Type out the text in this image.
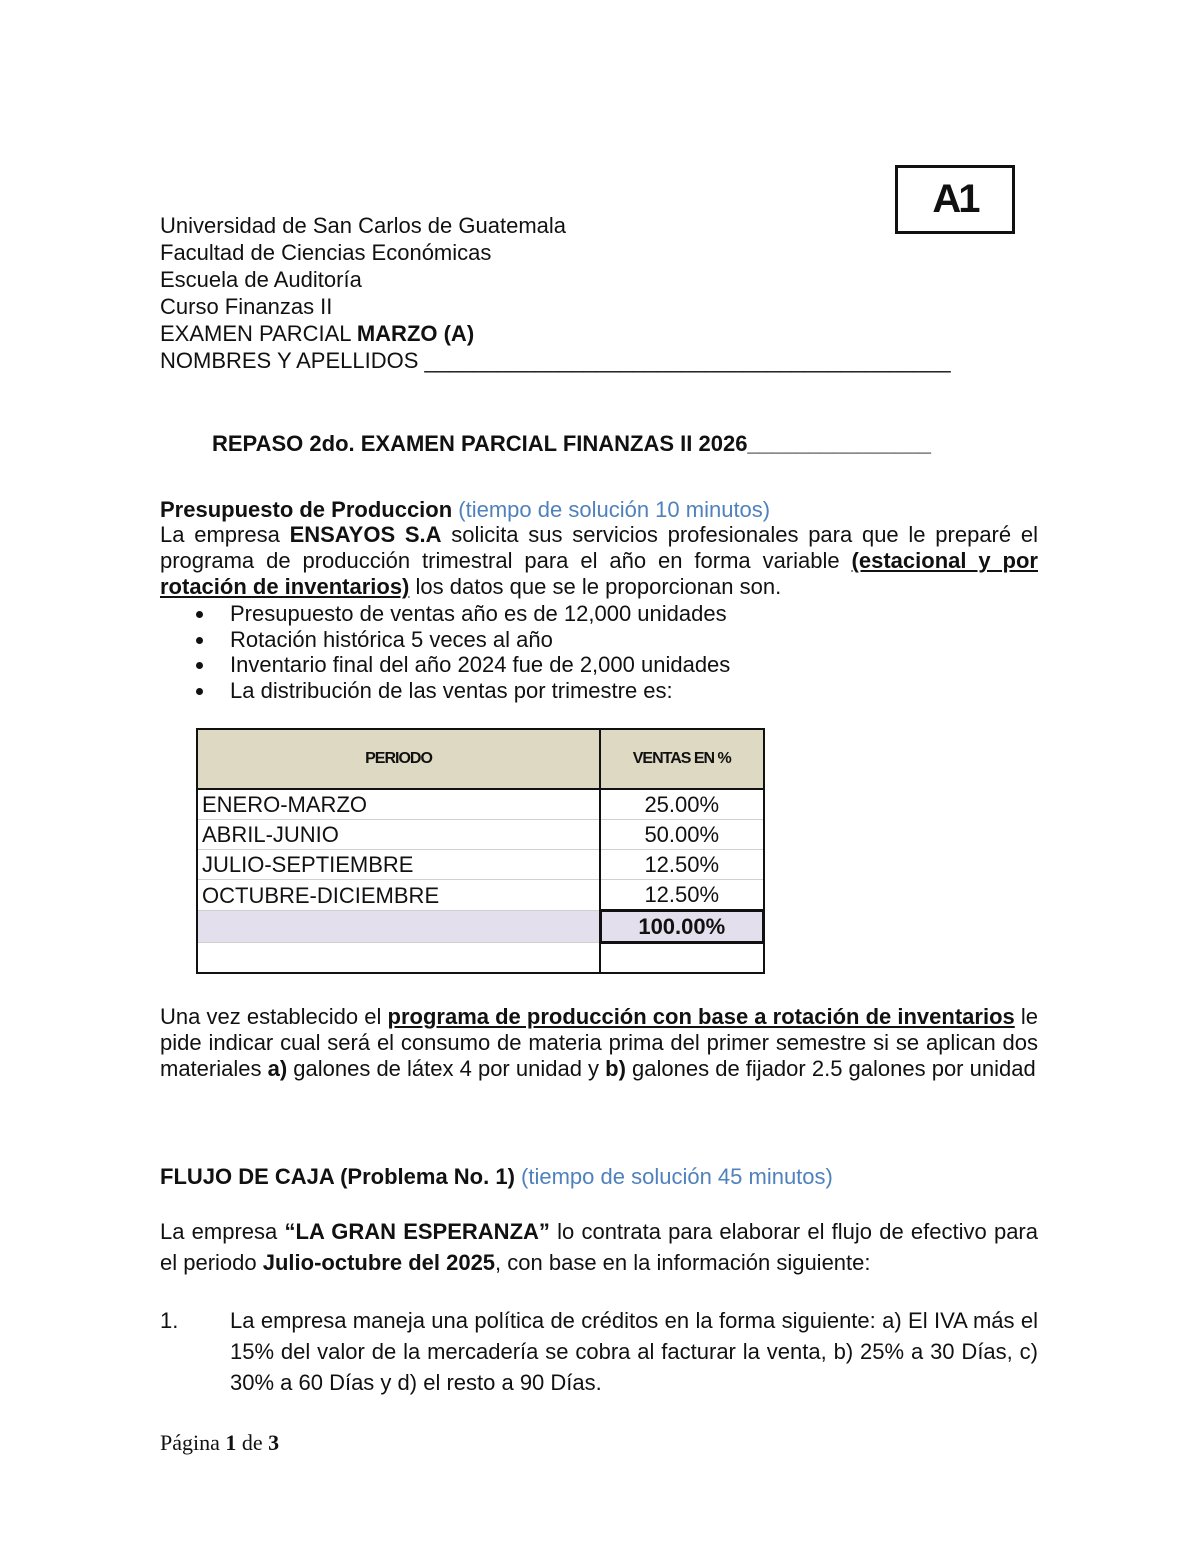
A1
Universidad de San Carlos de Guatemala
Facultad de Ciencias Económicas
Escuela de Auditoría
Curso Finanzas II
EXAMEN PARCIAL MARZO (A)
NOMBRES Y APELLIDOS ___________________________________________
REPASO 2do. EXAMEN PARCIAL FINANZAS II 2026_______________
Presupuesto de Produccion (tiempo de solución 10 minutos)
La empresa ENSAYOS S.A solicita sus servicios profesionales para que le preparé el programa de producción trimestral para el año en forma variable (estacional y por rotación de inventarios) los datos que se le proporcionan son.
Presupuesto de ventas año es de 12,000 unidades
Rotación histórica 5 veces al año
Inventario final del año 2024 fue de 2,000 unidades
La distribución de las ventas por trimestre es:
PERIODO	VENTAS EN %
ENERO-MARZO	25.00%
ABRIL-JUNIO	50.00%
JULIO-SEPTIEMBRE	12.50%
OCTUBRE-DICIEMBRE	12.50%
	100.00%

Una vez establecido el programa de producción con base a rotación de inventarios le pide indicar cual será el consumo de materia prima del primer semestre si se aplican dos materiales a) galones de látex 4 por unidad y b) galones de fijador 2.5 galones por unidad
FLUJO DE CAJA (Problema No. 1) (tiempo de solución 45 minutos)
La empresa “LA GRAN ESPERANZA” lo contrata para elaborar el flujo de efectivo para el periodo Julio-octubre del 2025, con base en la información siguiente:
1. La empresa maneja una política de créditos en la forma siguiente: a) El IVA más el 15% del valor de la mercadería se cobra al facturar la venta, b) 25% a 30 Días, c) 30% a 60 Días y d) el resto a 90 Días.
Página 1 de 3
